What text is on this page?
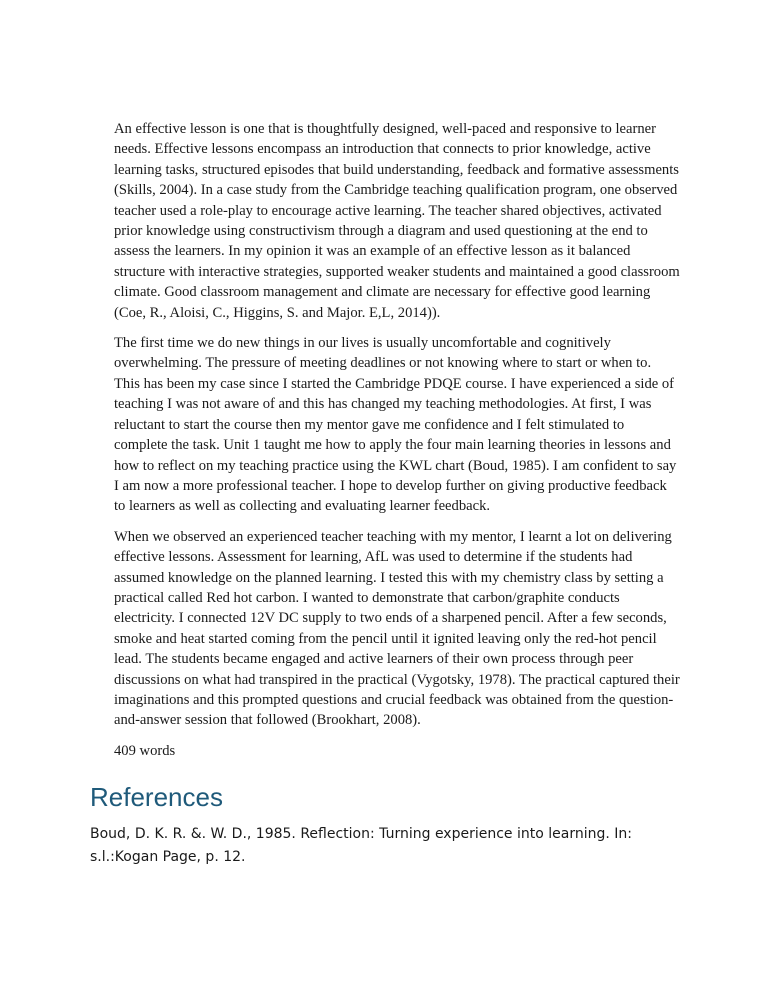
An effective lesson is one that is thoughtfully designed, well-paced and responsive to learner needs. Effective lessons encompass an introduction that connects to prior knowledge, active learning tasks, structured episodes that build understanding, feedback and formative assessments (Skills, 2004). In a case study from the Cambridge teaching qualification program, one observed teacher used a role-play to encourage active learning. The teacher shared objectives, activated prior knowledge using constructivism through a diagram and used questioning at the end to assess the learners. In my opinion it was an example of an effective lesson as it balanced structure with interactive strategies, supported weaker students and maintained a good classroom climate. Good classroom management and climate are necessary for effective good learning (Coe, R., Aloisi, C., Higgins, S. and Major. E,L, 2014)).

The first time we do new things in our lives is usually uncomfortable and cognitively overwhelming. The pressure of meeting deadlines or not knowing where to start or when to. This has been my case since I started the Cambridge PDQE course. I have experienced a side of teaching I was not aware of and this has changed my teaching methodologies. At first, I was reluctant to start the course then my mentor gave me confidence and I felt stimulated to complete the task. Unit 1 taught me how to apply the four main learning theories in lessons and how to reflect on my teaching practice using the KWL chart (Boud, 1985). I am confident to say I am now a more professional teacher. I hope to develop further on giving productive feedback to learners as well as collecting and evaluating learner feedback.

When we observed an experienced teacher teaching with my mentor, I learnt a lot on delivering effective lessons. Assessment for learning, AfL was used to determine if the students had assumed knowledge on the planned learning. I tested this with my chemistry class by setting a practical called Red hot carbon. I wanted to demonstrate that carbon/graphite conducts electricity. I connected 12V DC supply to two ends of a sharpened pencil. After a few seconds, smoke and heat started coming from the pencil until it ignited leaving only the red-hot pencil lead. The students became engaged and active learners of their own process through peer discussions on what had transpired in the practical (Vygotsky, 1978). The practical captured their imaginations and this prompted questions and crucial feedback was obtained from the question-and-answer session that followed (Brookhart, 2008).

409 words

References

Boud, D. K. R. &. W. D., 1985. Reflection: Turning experience into learning. In: s.l.:Kogan Page, p. 12.
